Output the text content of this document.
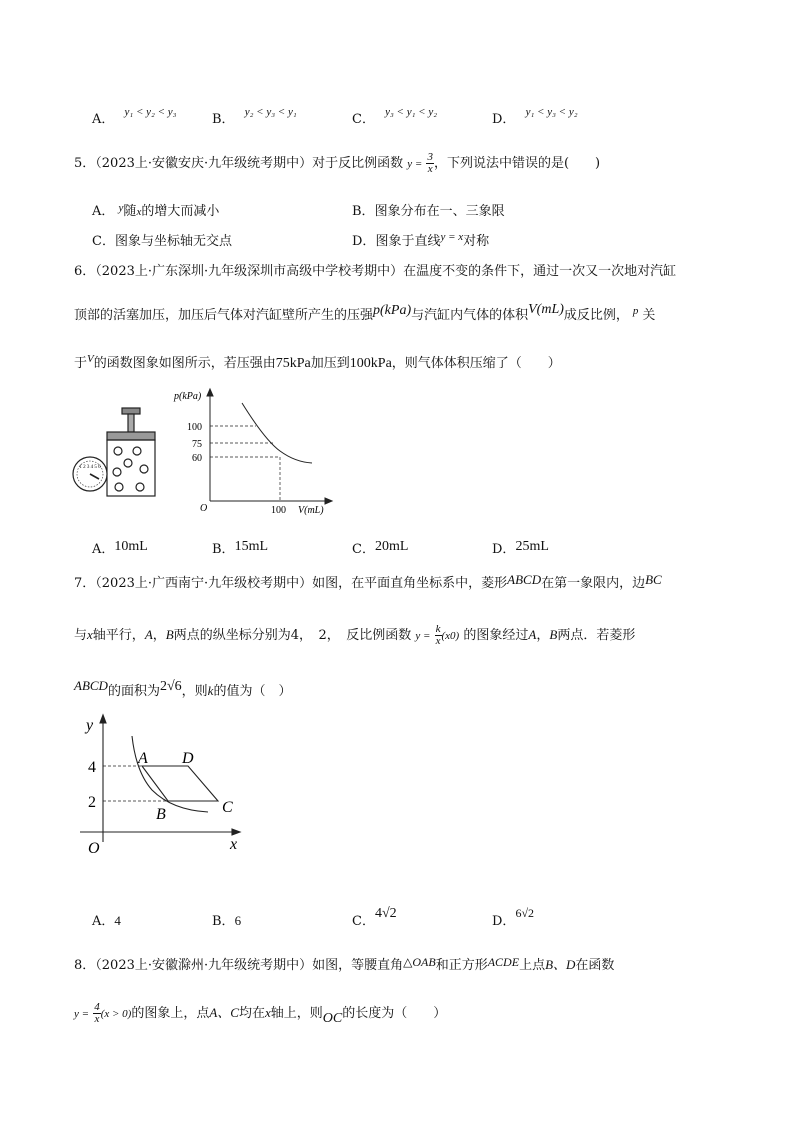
A． $^{y_1 < y_2 < y_3}$	B． $^{y_2 < y_3 < y_1}$	C． $^{y_3 < y_1 < y_2}$	D． $^{y_1 < y_3 < y_2}$
5．（2023上·安徽安庆·九年级统考期中）对于反比例函数 $y = \frac{3}{x}$ ，下列说法中错误的是(　　)
A． $^y$随x的增大而减小	B．图象分布在一、三象限
C．图象与坐标轴无交点	D．图象于直线$^{y = x}$对称
6．（2023上·广东深圳·九年级深圳市高级中学校考期中）在温度不变的条件下，通过一次又一次地对汽缸
顶部的活塞加压，加压后气体对汽缸壁所产生的压强p(kPa)与汽缸内气体的体积V(mL)成反比例， $^p$ 关
于$^V$的函数图象如图所示，若压强由75kPa加压到100kPa，则气体体积压缩了（　　）
1 2 3 4 5 6
p(kPa)
100
75
60
O	100 V(mL)
A．10mL	B．15mL	C．20mL	D．25mL
7．（2023上·广西南宁·九年级校考期中）如图，在平面直角坐标系中，菱形ABCD在第一象限内，边BC
与x轴平行，A，B两点的纵坐标分别为4，　2，　反比例函数 $y = \frac{k}{x} (x0)$ 的图象经过A，B两点．若菱形
ABCD的面积为2√6，则k的值为（　）
y
x
O
4
2
A D
C
B
A．4	B．6	C．4√2
D．6√2
8．（2023上·安徽滁州·九年级统考期中）如图，等腰直角△OAB和正方形ACDE上点B、D在函数
$y = \frac{4}{x} (x > 0)$的图象上，点A、C均在x轴上，则OC的长度为（　　）
